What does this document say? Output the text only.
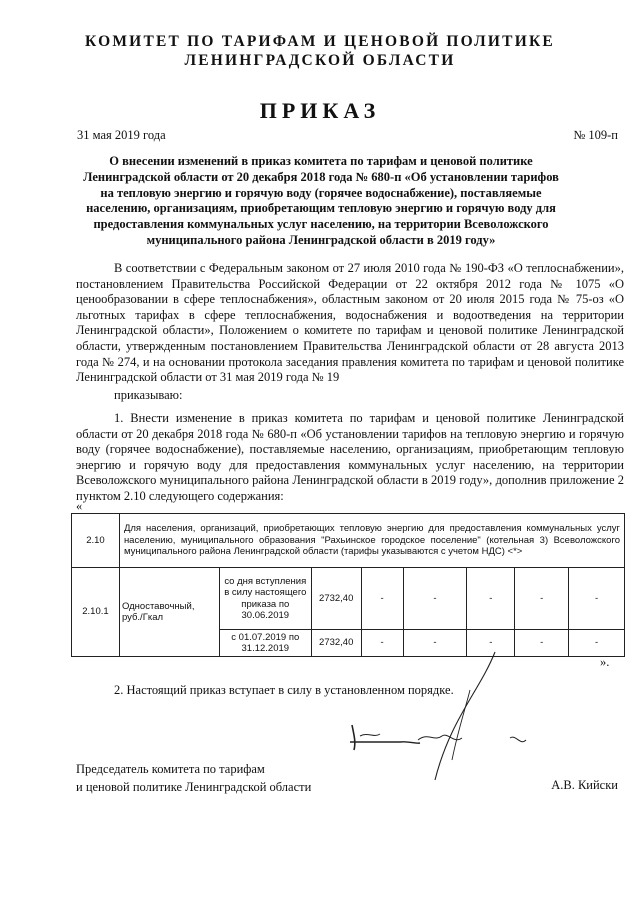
КОМИТЕТ ПО ТАРИФАМ И ЦЕНОВОЙ ПОЛИТИКЕ
ЛЕНИНГРАДСКОЙ ОБЛАСТИ
ПРИКАЗ
31 мая 2019 года	№ 109-п
О внесении изменений в приказ комитета по тарифам и ценовой политике Ленинградской области от 20 декабря 2018 года № 680-п «Об установлении тарифов на тепловую энергию и горячую воду (горячее водоснабжение), поставляемые населению, организациям, приобретающим тепловую энергию и горячую воду для предоставления коммунальных услуг населению, на территории Всеволожского муниципального района Ленинградской области в 2019 году»
В соответствии с Федеральным законом от 27 июля 2010 года № 190-ФЗ «О теплоснабжении», постановлением Правительства Российской Федерации от 22 октября 2012 года № 1075 «О ценообразовании в сфере теплоснабжения», областным законом от 20 июля 2015 года № 75-оз «О льготных тарифах в сфере теплоснабжения, водоснабжения и водоотведения на территории Ленинградской области», Положением о комитете по тарифам и ценовой политике Ленинградской области, утвержденным постановлением Правительства Ленинградской области от 28 августа 2013 года № 274, и на основании протокола заседания правления комитета по тарифам и ценовой политике Ленинградской области от 31 мая 2019 года № 19
приказываю:
1. Внести изменение в приказ комитета по тарифам и ценовой политике Ленинградской области от 20 декабря 2018 года № 680-п «Об установлении тарифов на тепловую энергию и горячую воду (горячее водоснабжение), поставляемые населению, организациям, приобретающим тепловую энергию и горячую воду для предоставления коммунальных услуг населению, на территории Всеволожского муниципального района Ленинградской области в 2019 году», дополнив приложение 2 пунктом 2.10 следующего содержания:
«
2.10	Для населения, организаций, приобретающих тепловую энергию для предоставления коммунальных услуг населению, муниципального образования "Рахьинское городское поселение" (котельная 3) Всеволожского муниципального района Ленинградской области (тарифы указываются с учетом НДС) <*>							
2.10.1	Одноставочный, руб./Гкал	со дня вступления в силу настоящего приказа по 30.06.2019	2732,40	-	-	-	-	-
		с 01.07.2019 по 31.12.2019	2732,40	-	-	-	-	-
».
2. Настоящий приказ вступает в силу в установленном порядке.
Председатель комитета по тарифам
и ценовой политике Ленинградской области	А.В. Кийски
